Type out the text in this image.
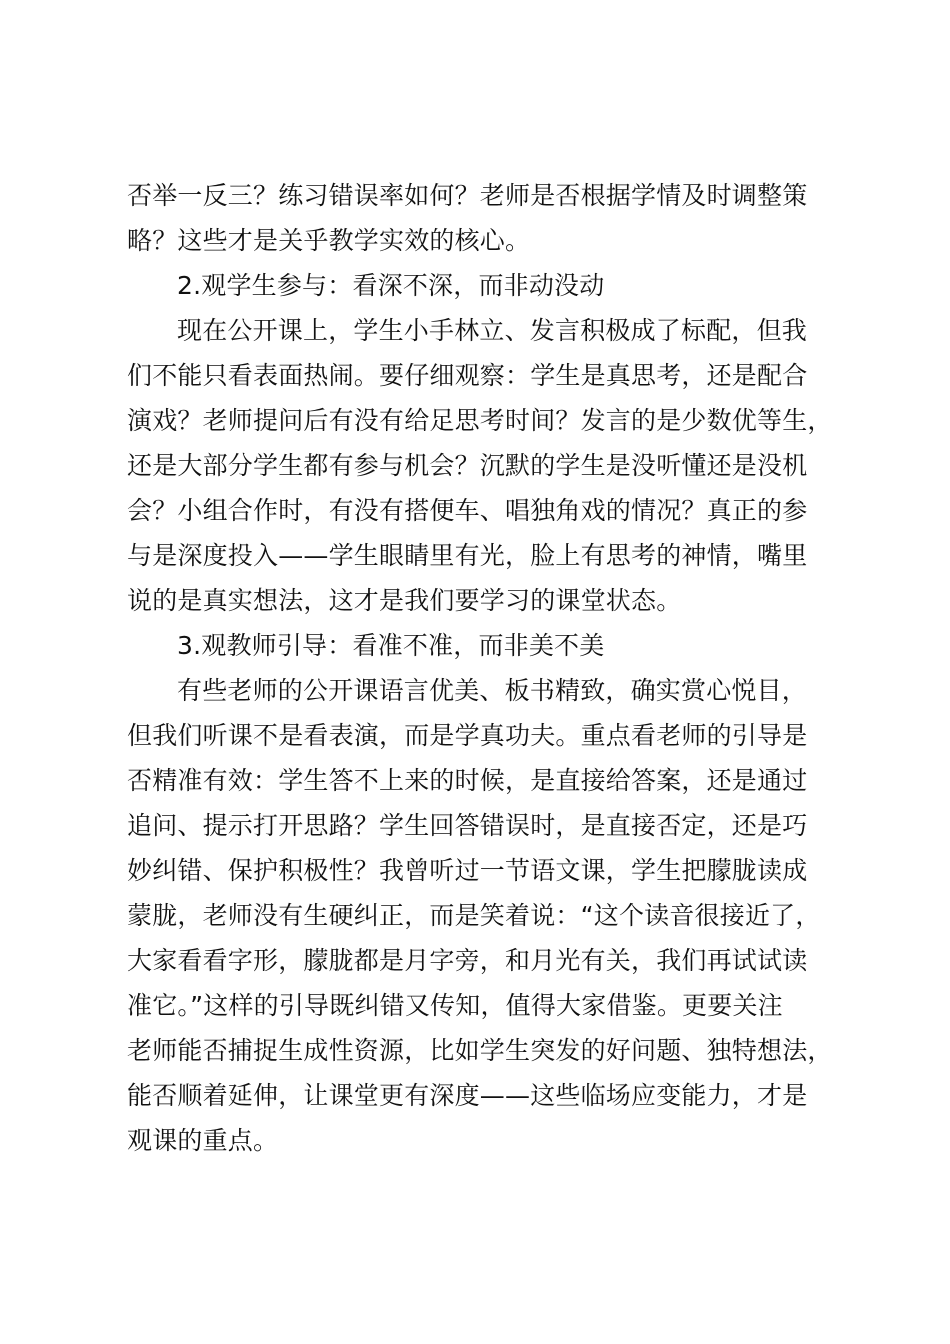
否举一反三？练习错误率如何？老师是否根据学情及时调整策
略？这些才是关乎教学实效的核心。
2.观学生参与：看深不深，而非动没动
现在公开课上，学生小手林立、发言积极成了标配，但我
们不能只看表面热闹。要仔细观察：学生是真思考，还是配合
演戏？老师提问后有没有给足思考时间？发言的是少数优等生，
还是大部分学生都有参与机会？沉默的学生是没听懂还是没机
会？小组合作时，有没有搭便车、唱独角戏的情况？真正的参
与是深度投入——学生眼睛里有光，脸上有思考的神情，嘴里
说的是真实想法，这才是我们要学习的课堂状态。
3.观教师引导：看准不准，而非美不美
有些老师的公开课语言优美、板书精致，确实赏心悦目，
但我们听课不是看表演，而是学真功夫。重点看老师的引导是
否精准有效：学生答不上来的时候，是直接给答案，还是通过
追问、提示打开思路？学生回答错误时，是直接否定，还是巧
妙纠错、保护积极性？我曾听过一节语文课，学生把朦胧读成
蒙胧，老师没有生硬纠正，而是笑着说：“这个读音很接近了，
大家看看字形，朦胧都是月字旁，和月光有关，我们再试试读
准它。”这样的引导既纠错又传知，值得大家借鉴。更要关注
老师能否捕捉生成性资源，比如学生突发的好问题、独特想法，
能否顺着延伸，让课堂更有深度——这些临场应变能力，才是
观课的重点。
